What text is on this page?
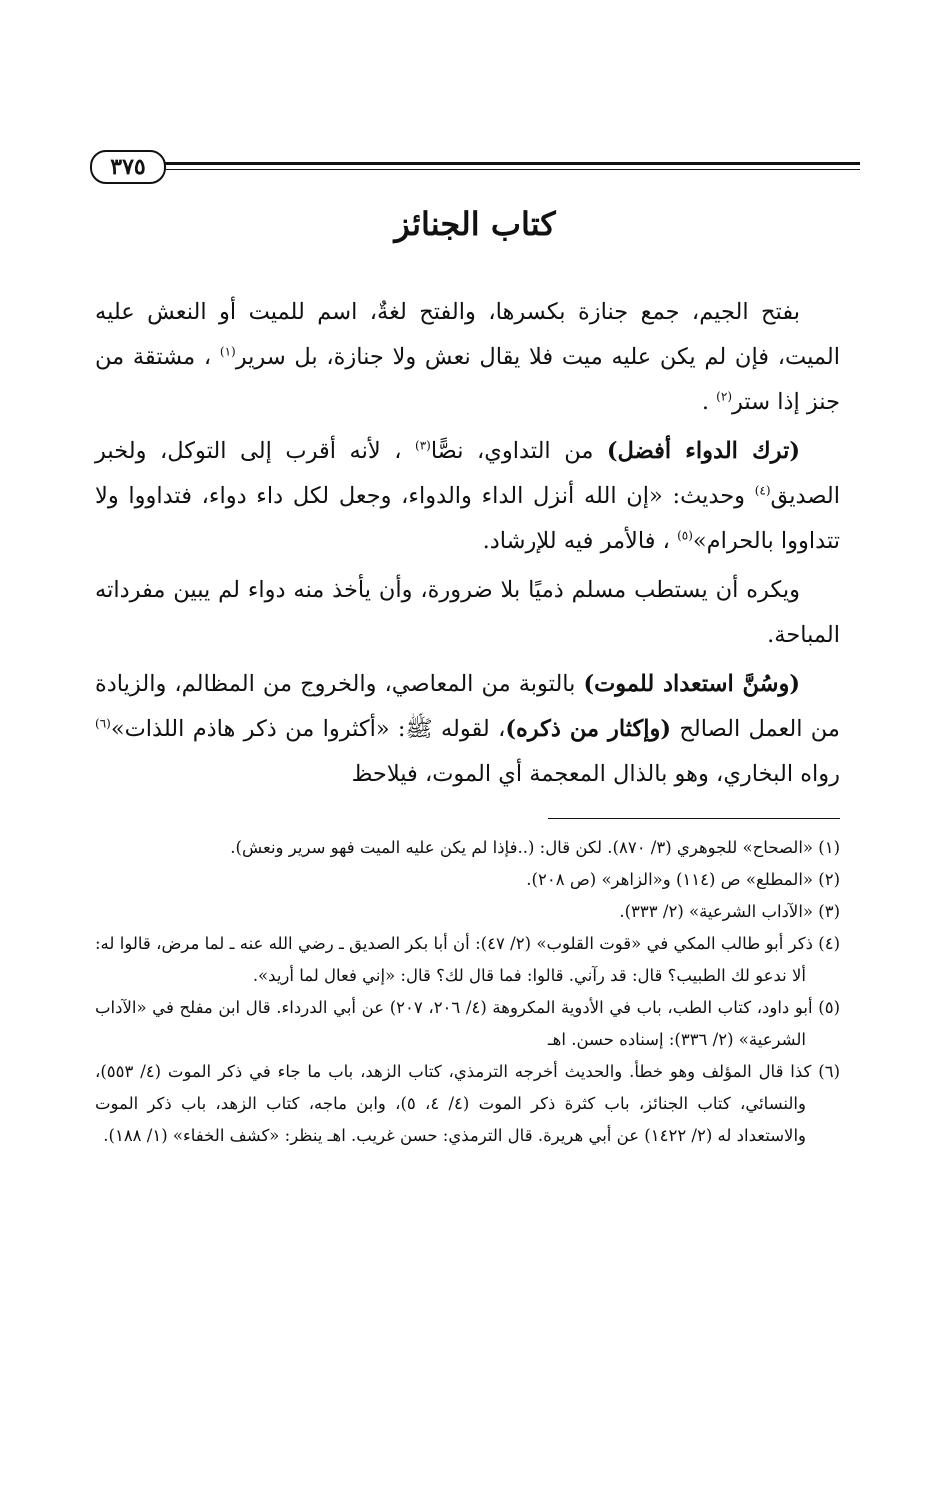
٣٧٥
كتاب الجنائز

بفتح الجيم، جمع جنازة بكسرها، والفتح لغةٌ، اسم للميت أو النعش عليه الميت، فإن لم يكن عليه ميت فلا يقال نعش ولا جنازة، بل سرير$^{(١)}$ ، مشتقة من جنز إذا ستر$^{(٢)}$ .

(ترك الدواء أفضل) من التداوي، نصًّا$^{(٣)}$ ، لأنه أقرب إلى التوكل، ولخبر الصديق$^{(٤)}$ وحديث: «إن الله أنزل الداء والدواء، وجعل لكل داء دواء، فتداووا ولا تتداووا بالحرام»$^{(٥)}$ ، فالأمر فيه للإرشاد.

ويكره أن يستطب مسلم ذميًا بلا ضرورة، وأن يأخذ منه دواء لم يبين مفرداته المباحة.

(وسُنَّ استعداد للموت) بالتوبة من المعاصي، والخروج من المظالم، والزيادة من العمل الصالح (وإكثار من ذكره)، لقوله ﷺ: «أكثروا من ذكر هاذم اللذات»$^{(٦)}$ رواه البخاري، وهو بالذال المعجمة أي الموت، فيلاحظ

(١) «الصحاح» للجوهري (٣/ ٨٧٠). لكن قال: (..فإذا لم يكن عليه الميت فهو سرير ونعش).
(٢) «المطلع» ص (١١٤) و«الزاهر» (ص ٢٠٨).
(٣) «الآداب الشرعية» (٢/ ٣٣٣).
(٤) ذكر أبو طالب المكي في «قوت القلوب» (٢/ ٤٧): أن أبا بكر الصديق ـ رضي الله عنه ـ لما مرض، قالوا له: ألا ندعو لك الطبيب؟ قال: قد رآني. قالوا: فما قال لك؟ قال: «إني فعال لما أريد».
(٥) أبو داود، كتاب الطب، باب في الأدوية المكروهة (٤/ ٢٠٦، ٢٠٧) عن أبي الدرداء. قال ابن مفلح في «الآداب الشرعية» (٢/ ٣٣٦): إسناده حسن. اهـ
(٦) كذا قال المؤلف وهو خطأ. والحديث أخرجه الترمذي، كتاب الزهد، باب ما جاء في ذكر الموت (٤/ ٥٥٣)، والنسائي، كتاب الجنائز، باب كثرة ذكر الموت (٤/ ٤، ٥)، وابن ماجه، كتاب الزهد، باب ذكر الموت والاستعداد له (٢/ ١٤٢٢) عن أبي هريرة. قال الترمذي: حسن غريب. اهـ ينظر: «كشف الخفاء» (١/ ١٨٨).
